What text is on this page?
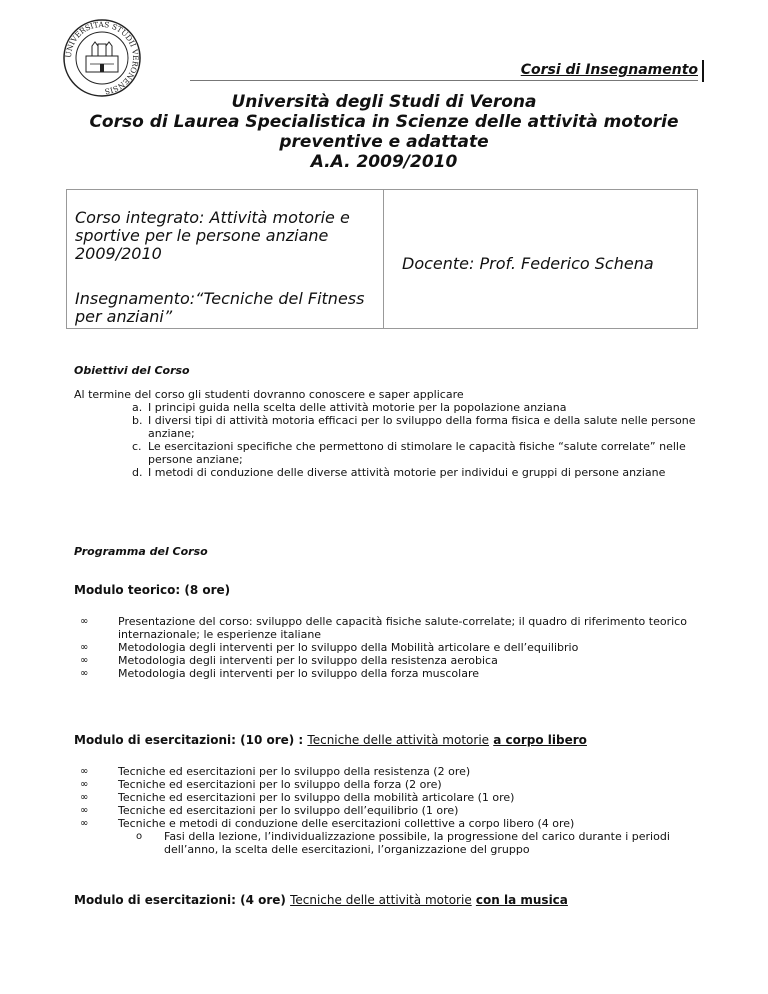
UNIVERSITAS STUDII VERONENSIS
Corsi di Insegnamento
Università degli Studi di Verona
Corso di Laurea Specialistica in Scienze delle attività motorie
preventive e adattate
A.A. 2009/2010
Corso integrato: Attività motorie e sportive per le persone anziane 2009/2010
Insegnamento:“Tecniche del Fitness per anziani”
Docente: Prof. Federico Schena
Obiettivi del Corso
Al termine del corso gli studenti dovranno conoscere e saper applicare
a. I principi guida nella scelta delle attività motorie per la popolazione anziana
b. I diversi tipi di attività motoria efficaci per lo sviluppo della forma fisica e della salute nelle persone anziane;
c. Le esercitazioni specifiche che permettono di stimolare le capacità fisiche “salute correlate” nelle persone anziane;
d. I metodi di conduzione delle diverse attività motorie per individui e gruppi di persone anziane
Programma del Corso
Modulo teorico: (8 ore)
∞	Presentazione del corso: sviluppo delle capacità fisiche salute-correlate; il quadro di riferimento teorico internazionale; le esperienze italiane
∞	Metodologia degli interventi per lo sviluppo della Mobilità articolare e dell’equilibrio
∞	Metodologia degli interventi per lo sviluppo della resistenza aerobica
∞	Metodologia degli interventi per lo sviluppo della forza muscolare
Modulo di esercitazioni: (10 ore) : Tecniche delle attività motorie a corpo libero
∞	Tecniche ed esercitazioni per lo sviluppo della resistenza (2 ore)
∞	Tecniche ed esercitazioni per lo sviluppo della forza (2 ore)
∞	Tecniche ed esercitazioni per lo sviluppo della mobilità articolare (1 ore)
∞	Tecniche ed esercitazioni per lo sviluppo dell’equilibrio (1 ore)
∞	Tecniche e metodi di conduzione delle esercitazioni collettive a corpo libero (4 ore)
o Fasi della lezione, l’individualizzazione possibile, la progressione del carico durante i periodi dell’anno, la scelta delle esercitazioni, l’organizzazione del gruppo
Modulo di esercitazioni: (4 ore) Tecniche delle attività motorie con la musica
